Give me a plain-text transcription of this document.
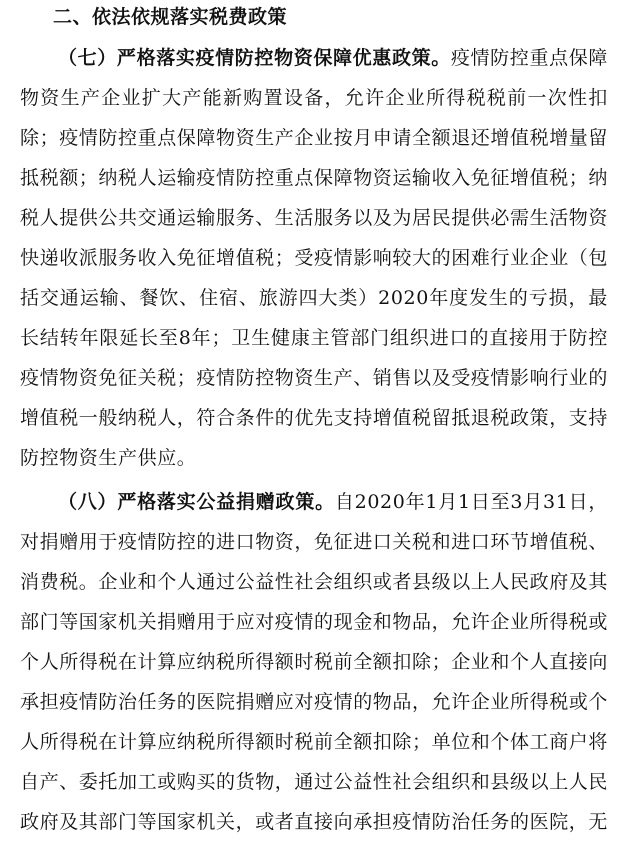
二、依法依规落实税费政策

（七）严格落实疫情防控物资保障优惠政策。疫情防控重点保障物资生产企业扩大产能新购置设备，允许企业所得税税前一次性扣除；疫情防控重点保障物资生产企业按月申请全额退还增值税增量留抵税额；纳税人运输疫情防控重点保障物资运输收入免征增值税；纳税人提供公共交通运输服务、生活服务以及为居民提供必需生活物资快递收派服务收入免征增值税；受疫情影响较大的困难行业企业（包括交通运输、餐饮、住宿、旅游四大类）2020年度发生的亏损，最长结转年限延长至8年；卫生健康主管部门组织进口的直接用于防控疫情物资免征关税；疫情防控物资生产、销售以及受疫情影响行业的增值税一般纳税人，符合条件的优先支持增值税留抵退税政策，支持防控物资生产供应。

（八）严格落实公益捐赠政策。自2020年1月1日至3月31日，对捐赠用于疫情防控的进口物资，免征进口关税和进口环节增值税、消费税。企业和个人通过公益性社会组织或者县级以上人民政府及其部门等国家机关捐赠用于应对疫情的现金和物品，允许企业所得税或个人所得税在计算应纳税所得额时税前全额扣除；企业和个人直接向承担疫情防治任务的医院捐赠应对疫情的物品，允许企业所得税或个人所得税在计算应纳税所得额时税前全额扣除；单位和个体工商户将自产、委托加工或购买的货物，通过公益性社会组织和县级以上人民政府及其部门等国家机关，或者直接向承担疫情防治任务的医院，无
